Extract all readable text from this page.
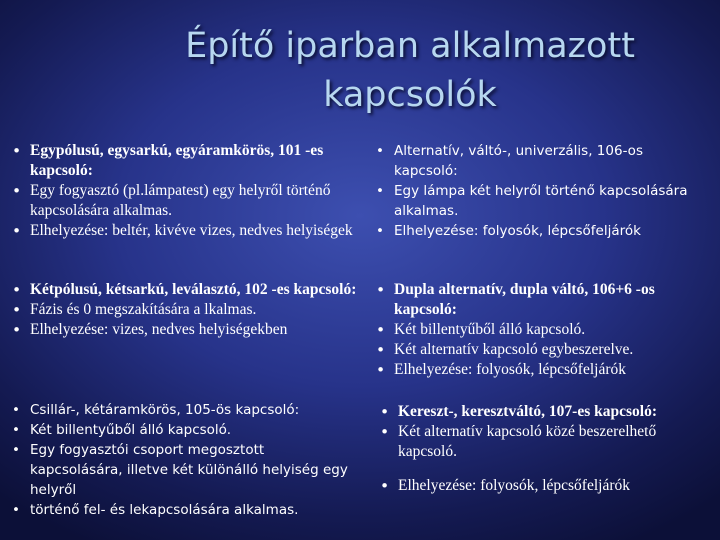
Építő iparban alkalmazott
kapcsolók
• Egypólusú, egysarkú, egyáramkörös, 101 -es kapcsoló:
• Egy fogyasztó (pl.lámpatest) egy helyről történő kapcsolására alkalmas.
• Elhelyezése: beltér, kivéve vizes, nedves helyiségek
• Kétpólusú, kétsarkú, leválasztó, 102 -es kapcsoló:
• Fázis és 0 megszakítására a lkalmas.
• Elhelyezése: vizes, nedves helyiségekben
• Csillár-, kétáramkörös, 105-ös kapcsoló:
• Két billentyűből álló kapcsoló.
• Egy fogyasztói csoport megosztott kapcsolására, illetve két különálló helyiség egy helyről
• történő fel- és lekapcsolására alkalmas.
• Alternatív, váltó-, univerzális, 106-os kapcsoló:
• Egy lámpa két helyről történő kapcsolására alkalmas.
• Elhelyezése: folyosók, lépcsőfeljárók
• Dupla alternatív, dupla váltó, 106+6 -os kapcsoló:
• Két billentyűből álló kapcsoló.
• Két alternatív kapcsoló egybeszerelve.
• Elhelyezése: folyosók, lépcsőfeljárók
• Kereszt-, keresztváltó, 107-es kapcsoló:
• Két alternatív kapcsoló közé beszerelhető kapcsoló.
• Elhelyezése: folyosók, lépcsőfeljárók
